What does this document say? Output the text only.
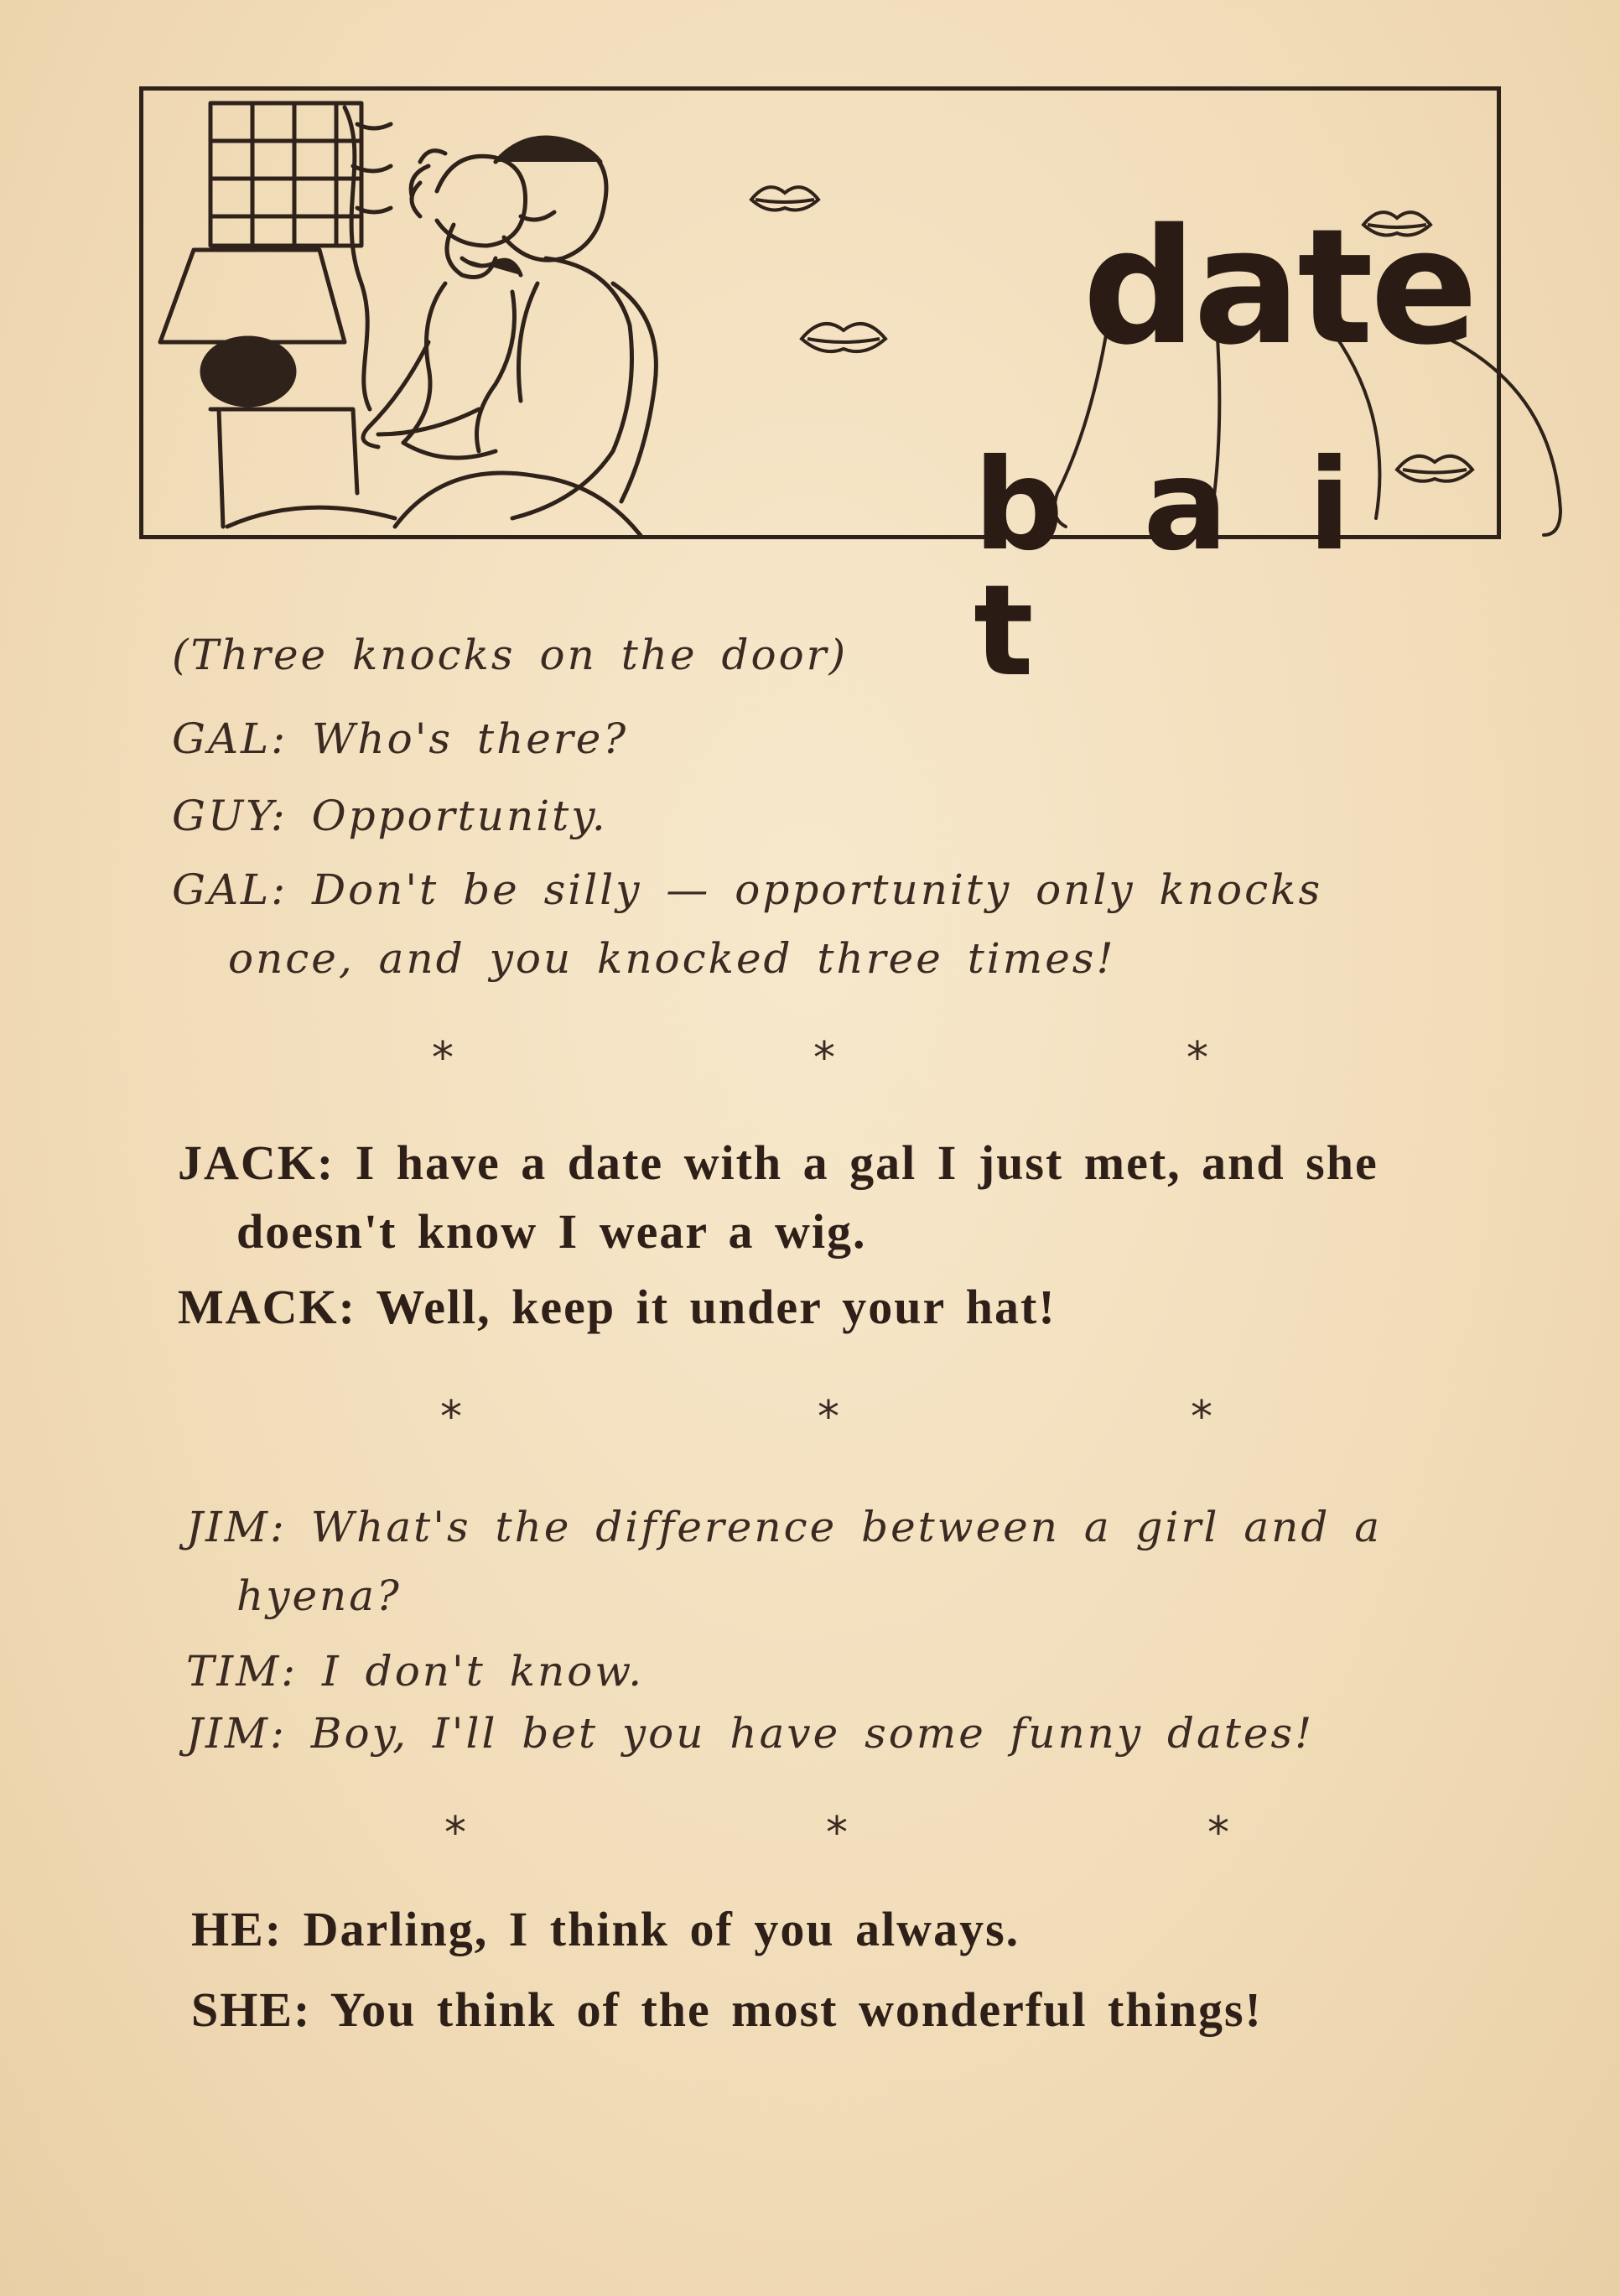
date
b a it
(Three knocks on the door)
GAL: Who's there?
GUY: Opportunity.
GAL: Don't be silly — opportunity only knocks
once, and you knocked three times!
*	*	*
JACK: I have a date with a gal I just met, and she
doesn't know I wear a wig.
MACK: Well, keep it under your hat!
*	*	*
JIM: What's the difference between a girl and a
hyena?
TIM: I don't know.
JIM: Boy, I'll bet you have some funny dates!
*	*	*
HE: Darling, I think of you always.
SHE: You think of the most wonderful things!
